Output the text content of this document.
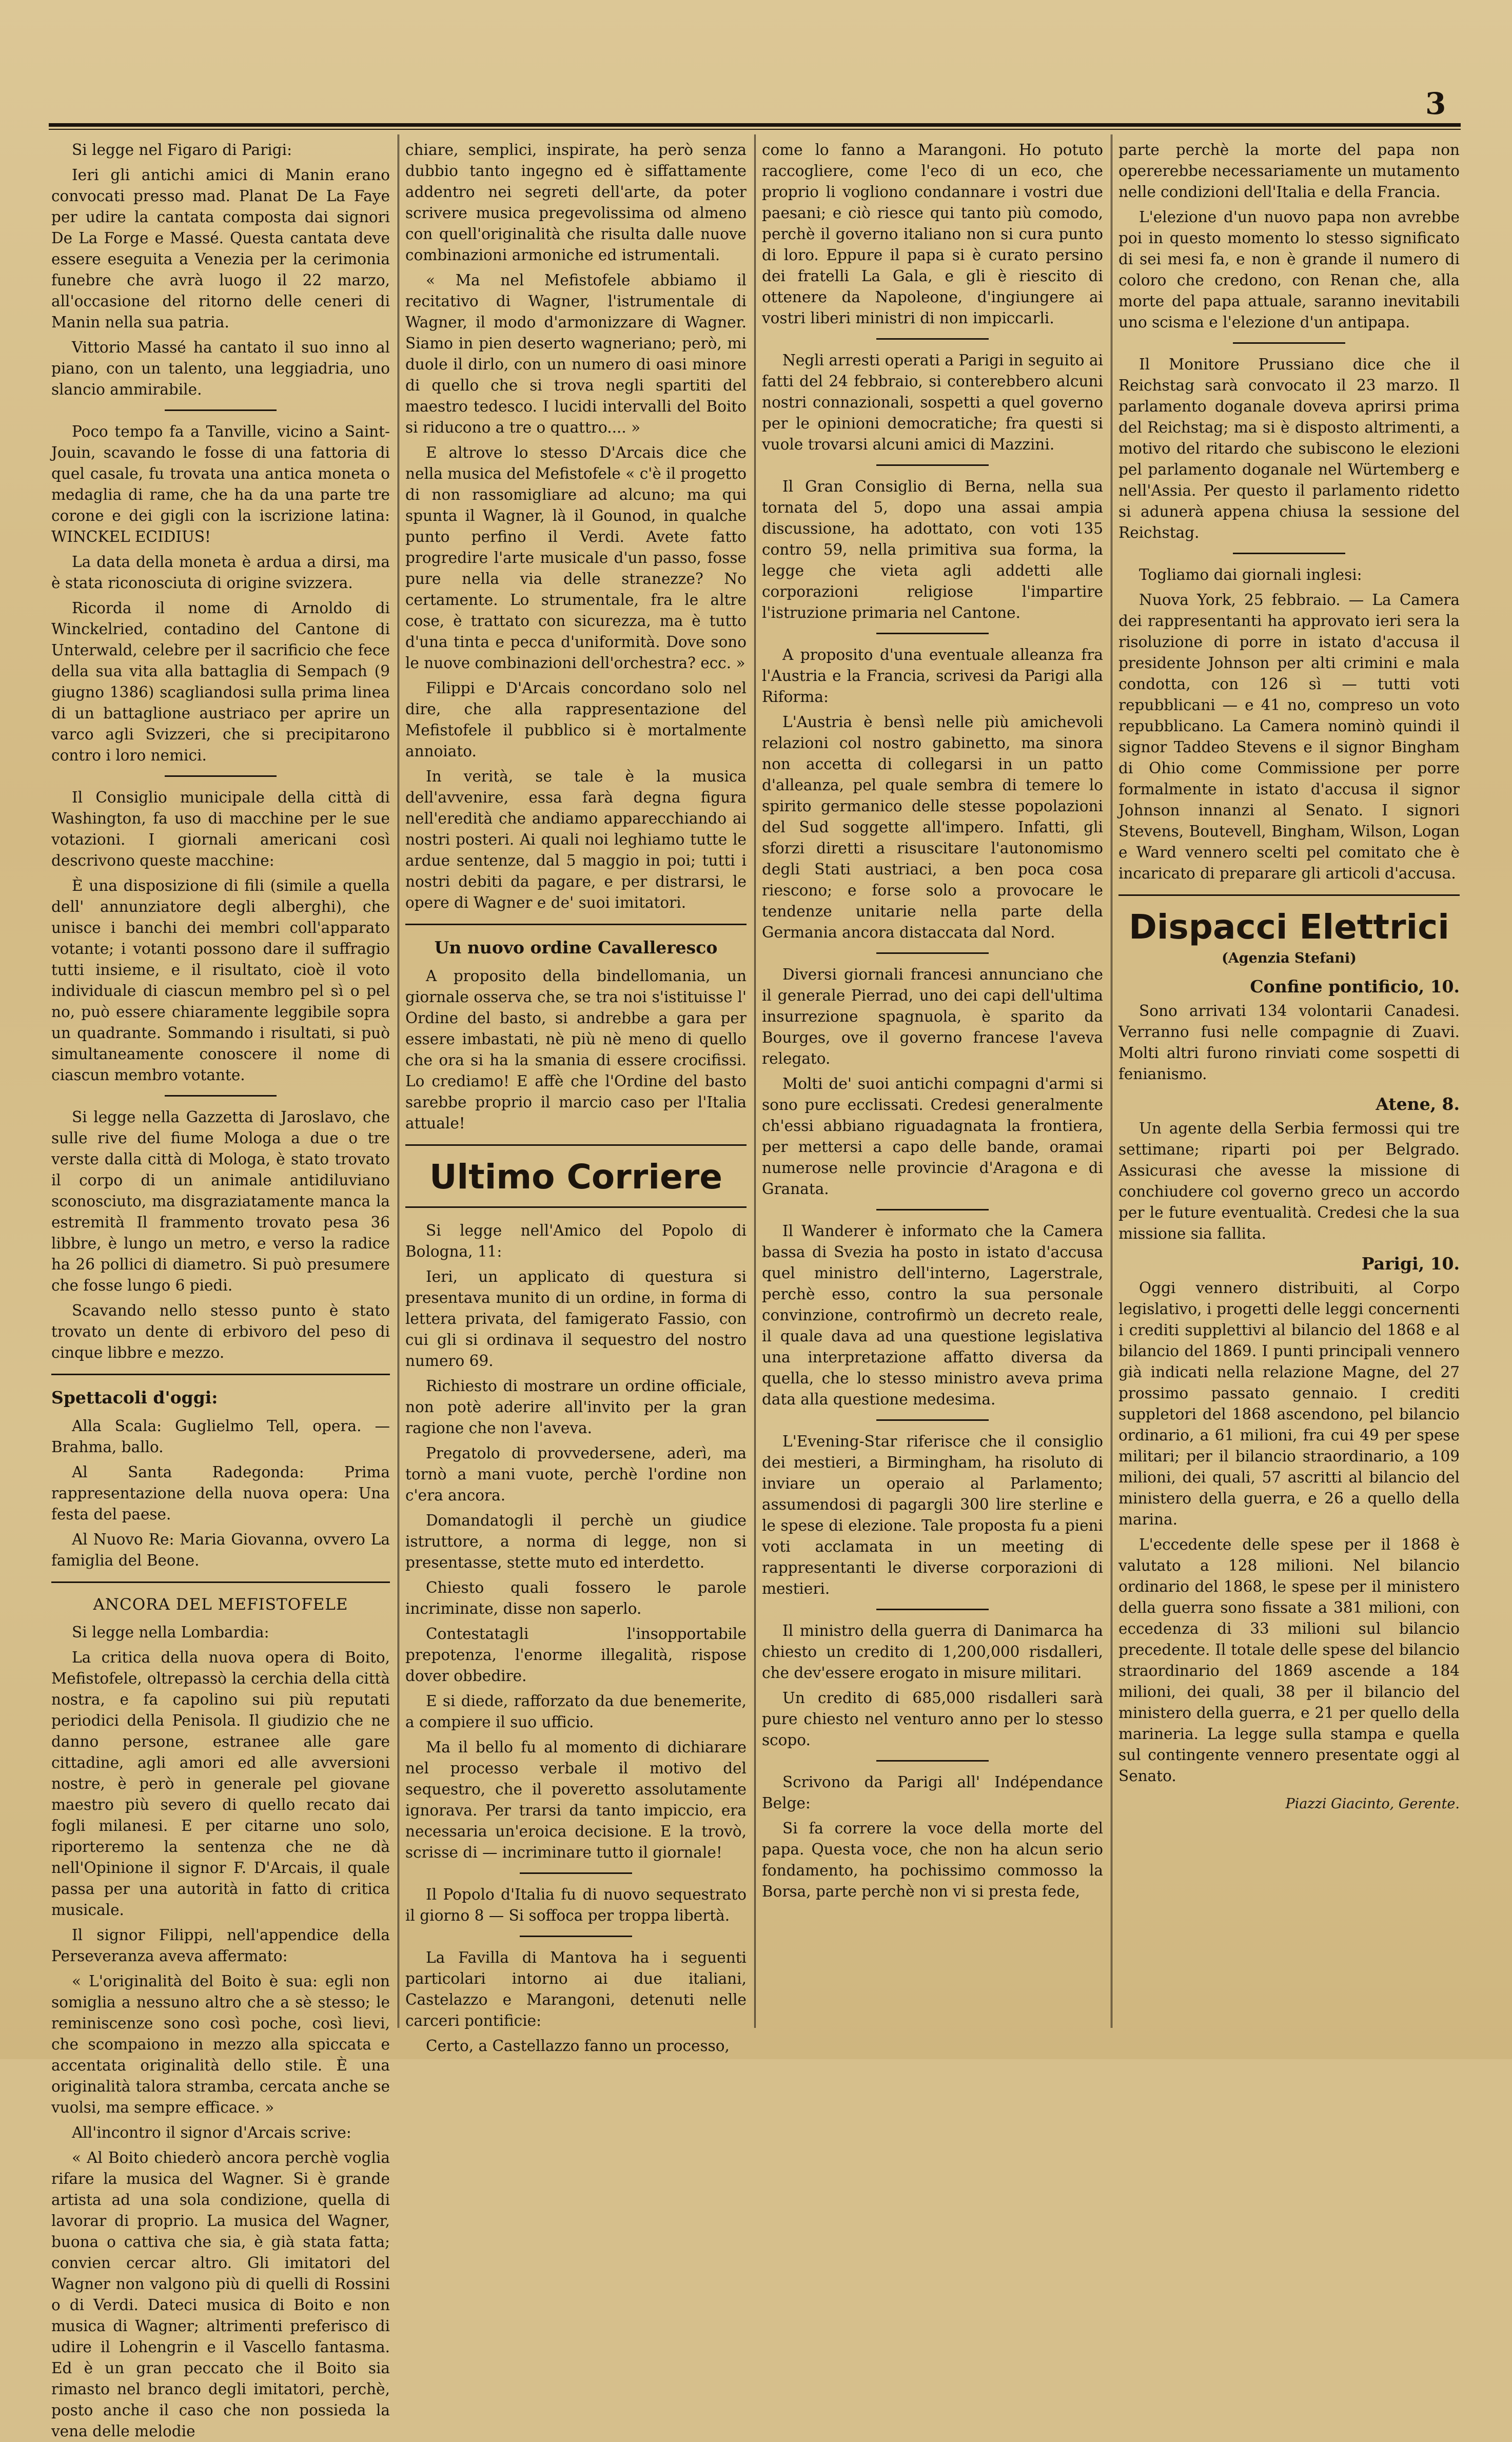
3

Si legge nel Figaro di Parigi:

Ieri gli antichi amici di Manin erano convocati presso mad. Planat De La Faye per udire la cantata composta dai signori De La Forge e Massé. Questa cantata deve essere eseguita a Venezia per la cerimonia funebre che avrà luogo il 22 marzo, all'occasione del ritorno delle ceneri di Manin nella sua patria.

Vittorio Massé ha cantato il suo inno al piano, con un talento, una leggiadria, uno slancio ammirabile.

Poco tempo fa a Tanville, vicino a Saint-Jouin, scavando le fosse di una fattoria di quel casale, fu trovata una antica moneta o medaglia di rame, che ha da una parte tre corone e dei gigli con la iscrizione latina: WINCKEL ECIDIUS!

La data della moneta è ardua a dirsi, ma è stata riconosciuta di origine svizzera.

Ricorda il nome di Arnoldo di Winckelried, contadino del Cantone di Unterwald, celebre per il sacrificio che fece della sua vita alla battaglia di Sempach (9 giugno 1386) scagliandosi sulla prima linea di un battaglione austriaco per aprire un varco agli Svizzeri, che si precipitarono contro i loro nemici.

Il Consiglio municipale della città di Washington, fa uso di macchine per le sue votazioni. I giornali americani così descrivono queste macchine:

È una disposizione di fili (simile a quella dell' annunziatore degli alberghi), che unisce i banchi dei membri coll'apparato votante; i votanti possono dare il suffragio tutti insieme, e il risultato, cioè il voto individuale di ciascun membro pel sì o pel no, può essere chiaramente leggibile sopra un quadrante. Sommando i risultati, si può simultaneamente conoscere il nome di ciascun membro votante.

Si legge nella Gazzetta di Jaroslavo, che sulle rive del fiume Mologa a due o tre verste dalla città di Mologa, è stato trovato il corpo di un animale antidiluviano sconosciuto, ma disgraziatamente manca la estremità Il frammento trovato pesa 36 libbre, è lungo un metro, e verso la radice ha 26 pollici di diametro. Si può presumere che fosse lungo 6 piedi.

Scavando nello stesso punto è stato trovato un dente di erbivoro del peso di cinque libbre e mezzo.

Spettacoli d'oggi:

Alla Scala: Guglielmo Tell, opera. — Brahma, ballo.

Al Santa Radegonda: Prima rappresentazione della nuova opera: Una festa del paese.

Al Nuovo Re: Maria Giovanna, ovvero La famiglia del Beone.

ANCORA DEL MEFISTOFELE

Si legge nella Lombardia:

La critica della nuova opera di Boito, Mefistofele, oltrepassò la cerchia della città nostra, e fa capolino sui più reputati periodici della Penisola. Il giudizio che ne danno persone, estranee alle gare cittadine, agli amori ed alle avversioni nostre, è però in generale pel giovane maestro più severo di quello recato dai fogli milanesi. E per citarne uno solo, riporteremo la sentenza che ne dà nell'Opinione il signor F. D'Arcais, il quale passa per una autorità in fatto di critica musicale.

Il signor Filippi, nell'appendice della Perseveranza aveva affermato:

« L'originalità del Boito è sua: egli non somiglia a nessuno altro che a sè stesso; le reminiscenze sono così poche, così lievi, che scompaiono in mezzo alla spiccata e accentata originalità dello stile. È una originalità talora stramba, cercata anche se vuolsi, ma sempre efficace. »

All'incontro il signor d'Arcais scrive:

« Al Boito chiederò ancora perchè voglia rifare la musica del Wagner. Si è grande artista ad una sola condizione, quella di lavorar di proprio. La musica del Wagner, buona o cattiva che sia, è già stata fatta; convien cercar altro. Gli imitatori del Wagner non valgono più di quelli di Rossini o di Verdi. Dateci musica di Boito e non musica di Wagner; altrimenti preferisco di udire il Lohengrin e il Vascello fantasma. Ed è un gran peccato che il Boito sia rimasto nel branco degli imitatori, perchè, posto anche il caso che non possieda la vena delle melodie

chiare, semplici, inspirate, ha però senza dubbio tanto ingegno ed è siffattamente addentro nei segreti dell'arte, da poter scrivere musica pregevolissima od almeno con quell'originalità che risulta dalle nuove combinazioni armoniche ed istrumentali.

« Ma nel Mefistofele abbiamo il recitativo di Wagner, l'istrumentale di Wagner, il modo d'armonizzare di Wagner. Siamo in pien deserto wagneriano; però, mi duole il dirlo, con un numero di oasi minore di quello che si trova negli spartiti del maestro tedesco. I lucidi intervalli del Boito si riducono a tre o quattro.... »

E altrove lo stesso D'Arcais dice che nella musica del Mefistofele « c'è il progetto di non rassomigliare ad alcuno; ma qui spunta il Wagner, là il Gounod, in qualche punto perfino il Verdi. Avete fatto progredire l'arte musicale d'un passo, fosse pure nella via delle stranezze? No certamente. Lo strumentale, fra le altre cose, è trattato con sicurezza, ma è tutto d'una tinta e pecca d'uniformità. Dove sono le nuove combinazioni dell'orchestra? ecc. »

Filippi e D'Arcais concordano solo nel dire, che alla rappresentazione del Mefistofele il pubblico si è mortalmente annoiato.

In verità, se tale è la musica dell'avvenire, essa farà degna figura nell'eredità che andiamo apparecchiando ai nostri posteri. Ai quali noi leghiamo tutte le ardue sentenze, dal 5 maggio in poi; tutti i nostri debiti da pagare, e per distrarsi, le opere di Wagner e de' suoi imitatori.

Un nuovo ordine Cavalleresco

A proposito della bindellomania, un giornale osserva che, se tra noi s'istituisse l' Ordine del basto, si andrebbe a gara per essere imbastati, nè più nè meno di quello che ora si ha la smania di essere crocifissi. Lo crediamo! E affè che l'Ordine del basto sarebbe proprio il marcio caso per l'Italia attuale!

Ultimo Corriere

Si legge nell'Amico del Popolo di Bologna, 11:

Ieri, un applicato di questura si presentava munito di un ordine, in forma di lettera privata, del famigerato Fassio, con cui gli si ordinava il sequestro del nostro numero 69.

Richiesto di mostrare un ordine officiale, non potè aderire all'invito per la gran ragione che non l'aveva.

Pregatolo di provvedersene, aderì, ma tornò a mani vuote, perchè l'ordine non c'era ancora.

Domandatogli il perchè un giudice istruttore, a norma di legge, non si presentasse, stette muto ed interdetto.

Chiesto quali fossero le parole incriminate, disse non saperlo.

Contestatagli l'insopportabile prepotenza, l'enorme illegalità, rispose dover obbedire.

E si diede, rafforzato da due benemerite, a compiere il suo ufficio.

Ma il bello fu al momento di dichiarare nel processo verbale il motivo del sequestro, che il poveretto assolutamente ignorava. Per trarsi da tanto impiccio, era necessaria un'eroica decisione. E la trovò, scrisse di — incriminare tutto il giornale!

Il Popolo d'Italia fu di nuovo sequestrato il giorno 8 — Si soffoca per troppa libertà.

La Favilla di Mantova ha i seguenti particolari intorno ai due italiani, Castelazzo e Marangoni, detenuti nelle carceri pontificie:

Certo, a Castellazzo fanno un processo,

come lo fanno a Marangoni. Ho potuto raccogliere, come l'eco di un eco, che proprio li vogliono condannare i vostri due paesani; e ciò riesce qui tanto più comodo, perchè il governo italiano non si cura punto di loro. Eppure il papa si è curato persino dei fratelli La Gala, e gli è riescito di ottenere da Napoleone, d'ingiungere ai vostri liberi ministri di non impiccarli.

Negli arresti operati a Parigi in seguito ai fatti del 24 febbraio, si conterebbero alcuni nostri connazionali, sospetti a quel governo per le opinioni democratiche; fra questi si vuole trovarsi alcuni amici di Mazzini.

Il Gran Consiglio di Berna, nella sua tornata del 5, dopo una assai ampia discussione, ha adottato, con voti 135 contro 59, nella primitiva sua forma, la legge che vieta agli addetti alle corporazioni religiose l'impartire l'istruzione primaria nel Cantone.

A proposito d'una eventuale alleanza fra l'Austria e la Francia, scrivesi da Parigi alla Riforma:

L'Austria è bensì nelle più amichevoli relazioni col nostro gabinetto, ma sinora non accetta di collegarsi in un patto d'alleanza, pel quale sembra di temere lo spirito germanico delle stesse popolazioni del Sud soggette all'impero. Infatti, gli sforzi diretti a risuscitare l'autonomismo degli Stati austriaci, a ben poca cosa riescono; e forse solo a provocare le tendenze unitarie nella parte della Germania ancora distaccata dal Nord.

Diversi giornali francesi annunciano che il generale Pierrad, uno dei capi dell'ultima insurrezione spagnuola, è sparito da Bourges, ove il governo francese l'aveva relegato.

Molti de' suoi antichi compagni d'armi si sono pure ecclissati. Credesi generalmente ch'essi abbiano riguadagnata la frontiera, per mettersi a capo delle bande, oramai numerose nelle provincie d'Aragona e di Granata.

Il Wanderer è informato che la Camera bassa di Svezia ha posto in istato d'accusa quel ministro dell'interno, Lagerstrale, perchè esso, contro la sua personale convinzione, controfirmò un decreto reale, il quale dava ad una questione legislativa una interpretazione affatto diversa da quella, che lo stesso ministro aveva prima data alla questione medesima.

L'Evening-Star riferisce che il consiglio dei mestieri, a Birmingham, ha risoluto di inviare un operaio al Parlamento; assumendosi di pagargli 300 lire sterline e le spese di elezione. Tale proposta fu a pieni voti acclamata in un meeting di rappresentanti le diverse corporazioni di mestieri.

Il ministro della guerra di Danimarca ha chiesto un credito di 1,200,000 risdalleri, che dev'essere erogato in misure militari.

Un credito di 685,000 risdalleri sarà pure chiesto nel venturo anno per lo stesso scopo.

Scrivono da Parigi all' Indépendance Belge:

Si fa correre la voce della morte del papa. Questa voce, che non ha alcun serio fondamento, ha pochissimo commosso la Borsa, parte perchè non vi si presta fede,

parte perchè la morte del papa non opererebbe necessariamente un mutamento nelle condizioni dell'Italia e della Francia.

L'elezione d'un nuovo papa non avrebbe poi in questo momento lo stesso significato di sei mesi fa, e non è grande il numero di coloro che credono, con Renan che, alla morte del papa attuale, saranno inevitabili uno scisma e l'elezione d'un antipapa.

Il Monitore Prussiano dice che il Reichstag sarà convocato il 23 marzo. Il parlamento doganale doveva aprirsi prima del Reichstag; ma si è disposto altrimenti, a motivo del ritardo che subiscono le elezioni pel parlamento doganale nel Würtemberg e nell'Assia. Per questo il parlamento ridetto si adunerà appena chiusa la sessione del Reichstag.

Togliamo dai giornali inglesi:

Nuova York, 25 febbraio. — La Camera dei rappresentanti ha approvato ieri sera la risoluzione di porre in istato d'accusa il presidente Johnson per alti crimini e mala condotta, con 126 sì — tutti voti repubblicani — e 41 no, compreso un voto repubblicano. La Camera nominò quindi il signor Taddeo Stevens e il signor Bingham di Ohio come Commissione per porre formalmente in istato d'accusa il signor Johnson innanzi al Senato. I signori Stevens, Boutevell, Bingham, Wilson, Logan e Ward vennero scelti pel comitato che è incaricato di preparare gli articoli d'accusa.

Dispacci Elettrici
(Agenzia Stefani)
Confine pontificio, 10.

Sono arrivati 134 volontarii Canadesi. Verranno fusi nelle compagnie di Zuavi. Molti altri furono rinviati come sospetti di fenianismo.

Atene, 8.

Un agente della Serbia fermossi qui tre settimane; riparti poi per Belgrado. Assicurasi che avesse la missione di conchiudere col governo greco un accordo per le future eventualità. Credesi che la sua missione sia fallita.

Parigi, 10.

Oggi vennero distribuiti, al Corpo legislativo, i progetti delle leggi concernenti i crediti supplettivi al bilancio del 1868 e al bilancio del 1869. I punti principali vennero già indicati nella relazione Magne, del 27 prossimo passato gennaio. I crediti suppletori del 1868 ascendono, pel bilancio ordinario, a 61 milioni, fra cui 49 per spese militari; per il bilancio straordinario, a 109 milioni, dei quali, 57 ascritti al bilancio del ministero della guerra, e 26 a quello della marina.

L'eccedente delle spese per il 1868 è valutato a 128 milioni. Nel bilancio ordinario del 1868, le spese per il ministero della guerra sono fissate a 381 milioni, con eccedenza di 33 milioni sul bilancio precedente. Il totale delle spese del bilancio straordinario del 1869 ascende a 184 milioni, dei quali, 38 per il bilancio del ministero della guerra, e 21 per quello della marineria. La legge sulla stampa e quella sul contingente vennero presentate oggi al Senato.

Piazzi Giacinto, Gerente.
